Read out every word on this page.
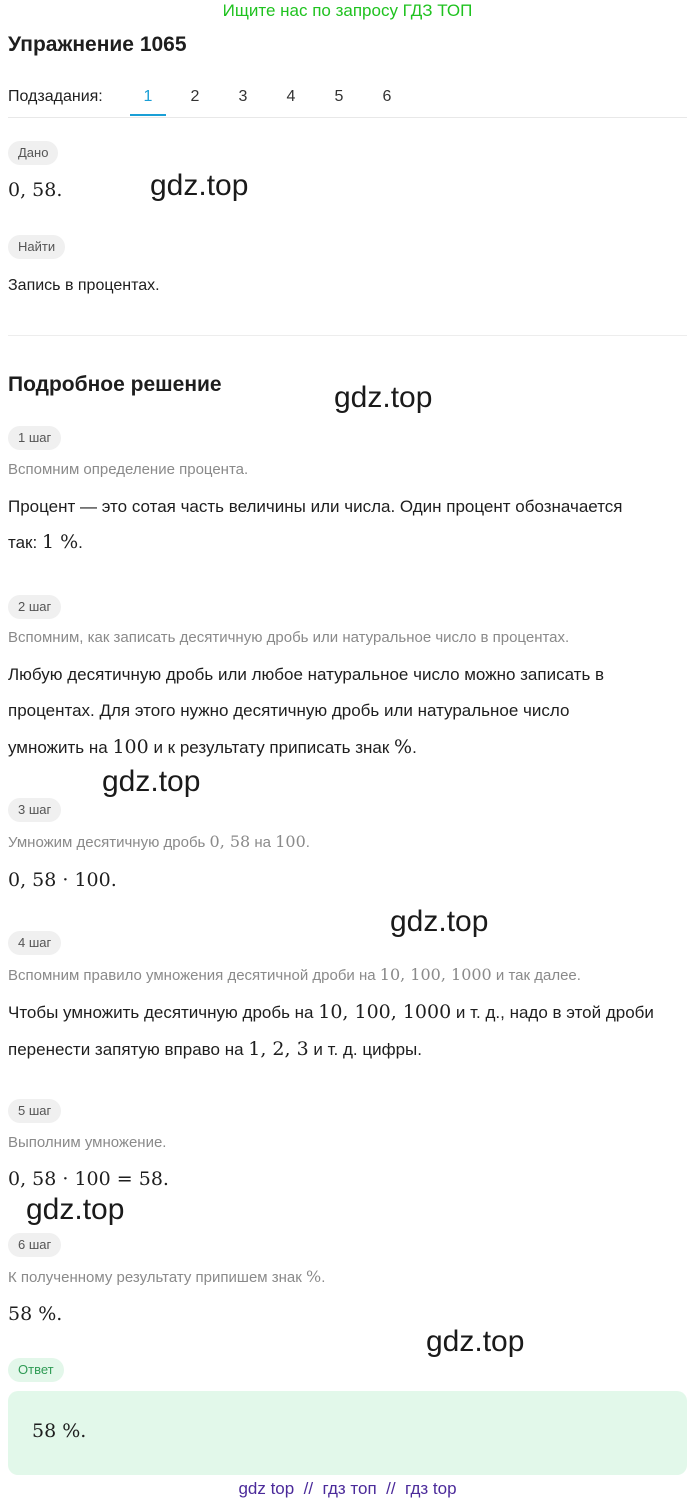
Ищите нас по запросу ГДЗ ТОП
Упражнение 1065
Подзадания:	1	2	3	4	5	6
Дано
0, 58.
Найти
Запись в процентах.
Подробное решение
1 шаг
Вспомним определение процента.
Процент — это сотая часть величины или числа. Один процент обозначается
так: 1 %.
2 шаг
Вспомним, как записать десятичную дробь или натуральное число в процентах.
Любую десятичную дробь или любое натуральное число можно записать в
процентах. Для этого нужно десятичную дробь или натуральное число
умножить на 100 и к результату приписать знак %.
3 шаг
Умножим десятичную дробь 0, 58 на 100.
0, 58 · 100.
4 шаг
Вспомним правило умножения десятичной дроби на 10, 100, 1000 и так далее.
Чтобы умножить десятичную дробь на 10, 100, 1000 и т. д., надо в этой дроби
перенести запятую вправо на 1, 2, 3 и т. д. цифры.
5 шаг
Выполним умножение.
0, 58 · 100 = 58.
6 шаг
К полученному результату припишем знак %.
58 %.
Ответ
58 %.
gdz.top
gdz.top
gdz.top
gdz.top
gdz.top
gdz.top
gdz top  //  гдз топ  //  гдз top
